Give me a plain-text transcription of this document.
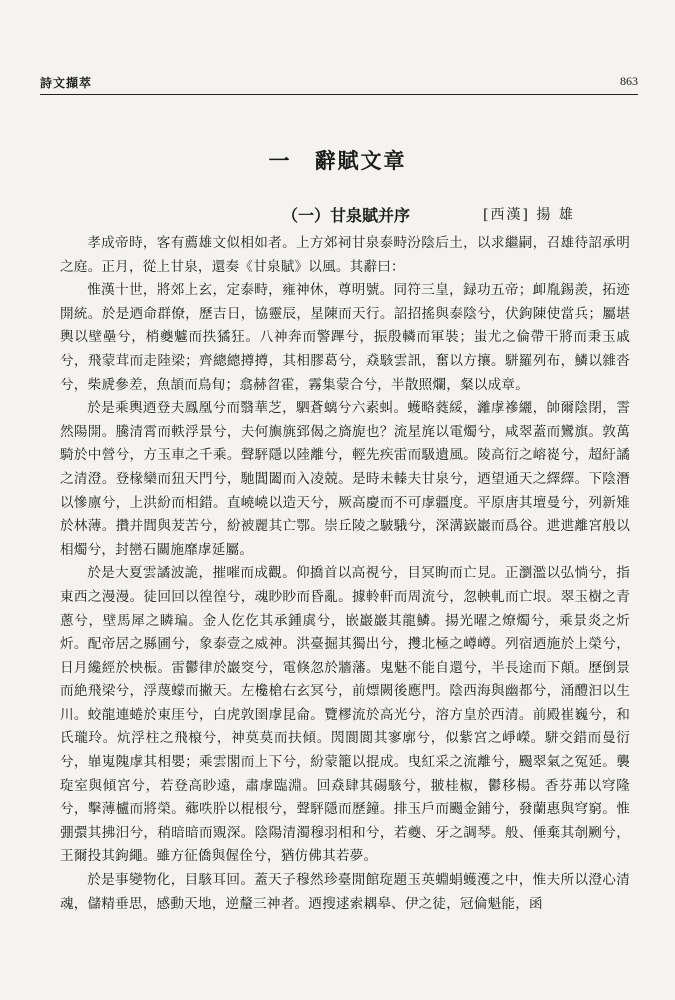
詩文擷萃	863
一　辭賦文章
（一）甘泉賦并序	[西漢] 揚 雄

孝成帝時，客有薦雄文似相如者。上方郊祠甘泉泰畤汾陰后土，以求繼嗣，召雄待詔承明之庭。正月，從上甘泉，還奏《甘泉賦》以風。其辭曰：

惟漢十世，將郊上玄，定泰畤，雍神休，尊明號。同符三皇，録功五帝；卹胤錫羨，拓迹開統。於是迺命群僚，歷吉日，協靈辰，星陳而天行。詔招搖與泰陰兮，伏鉤陳使當兵；屬堪輿以壁壘兮，梢夔魖而抶獝狂。八神奔而警蹕兮，振殷轔而軍裝；蚩尤之倫帶干將而秉玉戚兮，飛蒙茸而走陸梁；齊總總撙撙，其相膠葛兮，猋駭雲訊，奮以方攘。駢羅列布，鱗以雜沓兮，柴虒參差，魚頡而鳥䀏；翕赫曶霍，霧集蒙合兮，半散照爛，粲以成章。

於是乘輿迺登夫鳳凰兮而翳華芝，駟蒼螭兮六素虯。蠖略蕤綏，灕虖襂纚，帥爾陰閉，霅然陽開。騰清霄而軼浮景兮，夫何旟旐郅偈之旖旎也？流星旄以電燭兮，咸翠蓋而鸞旗。敦萬騎於中營兮，方玉車之千乘。聲駍隱以陸離兮，輕先疾雷而馺遺風。陵高衍之嵱嵸兮，超紆譎之清澄。登椽欒而狃天門兮，馳閶闔而入凌兢。是時未轃夫甘泉兮，迺望通天之繹繹。下陰潛以慘廪兮，上洪紛而相錯。直嶢嶢以造天兮，厥高慶而不可虖疆度。平原唐其壇曼兮，列新雉於林薄。攢并閭與茇苦兮，紛被麗其亡鄂。崇丘陵之駊騀兮，深溝嶔巖而爲谷。迣迣離宮般以相燭兮，封巒石關施靡虖延屬。

於是大夏雲譎波詭，摧嗺而成觀。仰撟首以高視兮，目冥眴而亡見。正瀏濫以弘惝兮，指東西之漫漫。徒回回以徨徨兮，魂眇眇而昏亂。據軨軒而周流兮，忽軮軋而亡垠。翠玉樹之青蔥兮，壁馬犀之瞵㻞。金人仡仡其承鍾虡兮，嵌巖巖其龍鱗。揚光曜之燎燭兮，乘景炎之炘炘。配帝居之縣圃兮，象泰壹之威神。洪臺掘其獨出兮，㩳北極之嶟嶟。列宿迺施於上榮兮，日月纔經於柍桭。雷鬱律於巖窔兮，電倏忽於牆藩。鬼魅不能自還兮，半長途而下顛。歷倒景而絶飛梁兮，浮蔑蠓而撇天。左欃槍右玄冥兮，前熛闕後應門。陰西海與幽都兮，涌醴汩以生川。蛟龍連蜷於東厓兮，白虎敦圉虖昆侖。覽樛流於高光兮，溶方皇於西清。前殿崔巍兮，和氏瓏玲。炕浮柱之飛榱兮，神莫莫而扶傾。閌閬閬其寥廓兮，似紫宮之崢嶸。駢交錯而曼衍兮，㠑嵬隗虖其相嬰；乘雲閣而上下兮，紛蒙籠以掍成。曳紅采之流離兮，颺翠氣之冤延。襲琁室與傾宮兮，若登高眇遠，肅虖臨淵。回猋肆其碭駭兮，翍桂椒，鬱移楊。香芬茀以穹隆兮，擊薄櫨而將榮。薌呹肸以棍根兮，聲駍隱而歷鐘。排玉戶而颺金鋪兮，發蘭惠與穹窮。惟弸彋其拂汨兮，稍暗暗而覭深。陰陽清濁穆羽相和兮，若夔、牙之調琴。般、倕棄其剞劂兮，王爾投其鉤繩。雖方征僑與偓佺兮，猶仿佛其若夢。

於是事變物化，目駭耳回。蓋天子穆然珍臺閒館琁題玉英蜵蜎蠖濩之中，惟夫所以澄心清魂，儲精垂思，感動天地，逆釐三神者。迺搜逑索耦皋、伊之徒，冠倫魁能，函
